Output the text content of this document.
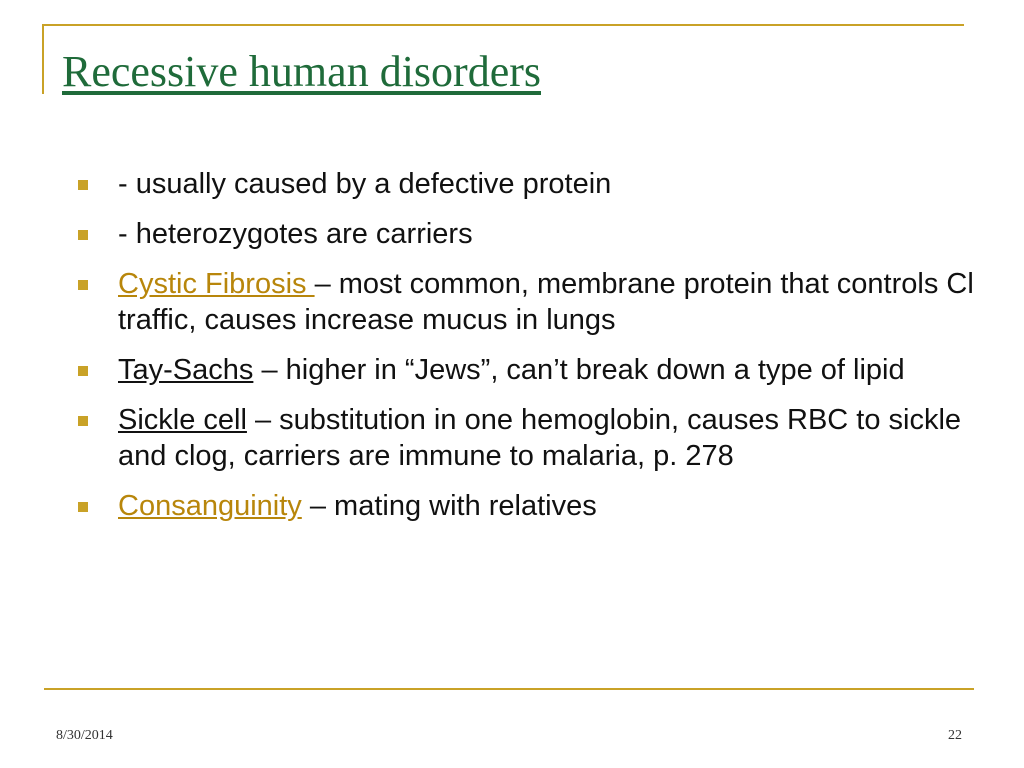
Recessive human disorders
- usually caused by a defective protein
- heterozygotes are carriers
Cystic Fibrosis – most common, membrane protein that controls Cl traffic, causes increase mucus in lungs
Tay-Sachs – higher in “Jews”, can’t break down a type of lipid
Sickle cell – substitution in one hemoglobin, causes RBC to sickle and clog, carriers are immune to malaria, p. 278
Consanguinity – mating with relatives
8/30/2014	22
